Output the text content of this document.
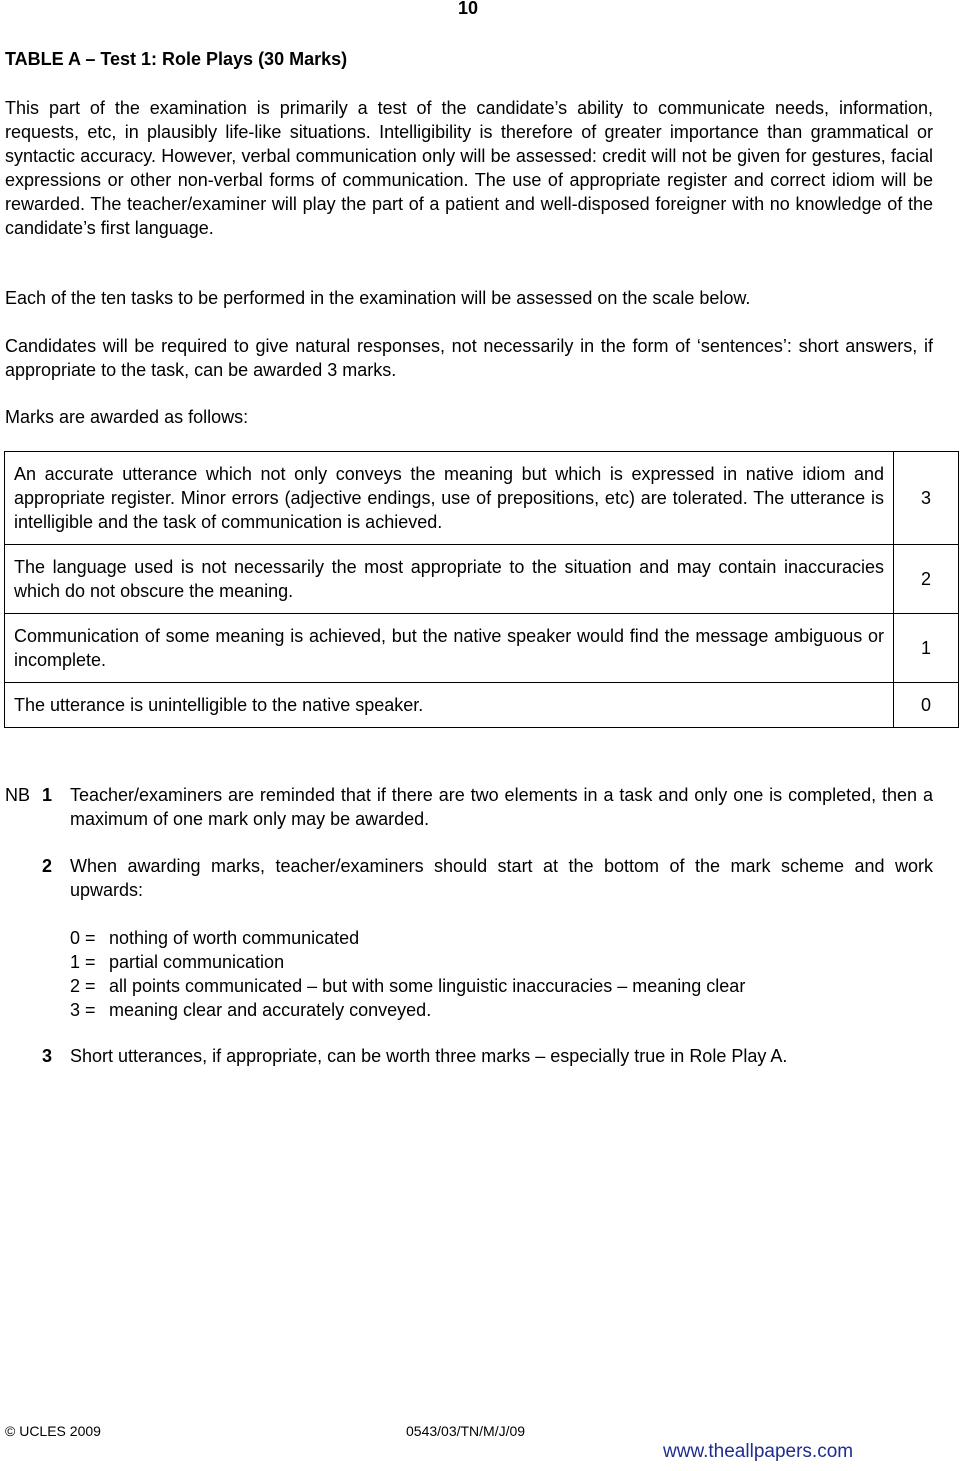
10
TABLE A – Test 1: Role Plays (30 Marks)

This part of the examination is primarily a test of the candidate’s ability to communicate needs, information, requests, etc, in plausibly life-like situations. Intelligibility is therefore of greater importance than grammatical or syntactic accuracy. However, verbal communication only will be assessed: credit will not be given for gestures, facial expressions or other non-verbal forms of communication. The use of appropriate register and correct idiom will be rewarded. The teacher/examiner will play the part of a patient and well-disposed foreigner with no knowledge of the candidate’s first language.

Each of the ten tasks to be performed in the examination will be assessed on the scale below.

Candidates will be required to give natural responses, not necessarily in the form of ‘sentences’: short answers, if appropriate to the task, can be awarded 3 marks.

Marks are awarded as follows:

An accurate utterance which not only conveys the meaning but which is expressed in native idiom and appropriate register. Minor errors (adjective endings, use of prepositions, etc) are tolerated. The utterance is intelligible and the task of communication is achieved.	3
The language used is not necessarily the most appropriate to the situation and may contain inaccuracies which do not obscure the meaning.	2
Communication of some meaning is achieved, but the native speaker would find the message ambiguous or incomplete.	1
The utterance is unintelligible to the native speaker.	0
NB 1 Teacher/examiners are reminded that if there are two elements in a task and only one is completed, then a maximum of one mark only may be awarded.
2 When awarding marks, teacher/examiners should start at the bottom of the mark scheme and work upwards:
0 = nothing of worth communicated
1 = partial communication
2 = all points communicated – but with some linguistic inaccuracies – meaning clear
3 = meaning clear and accurately conveyed.
3 Short utterances, if appropriate, can be worth three marks – especially true in Role Play A.
© UCLES 2009	0543/03/TN/M/J/09
www.theallpapers.com
